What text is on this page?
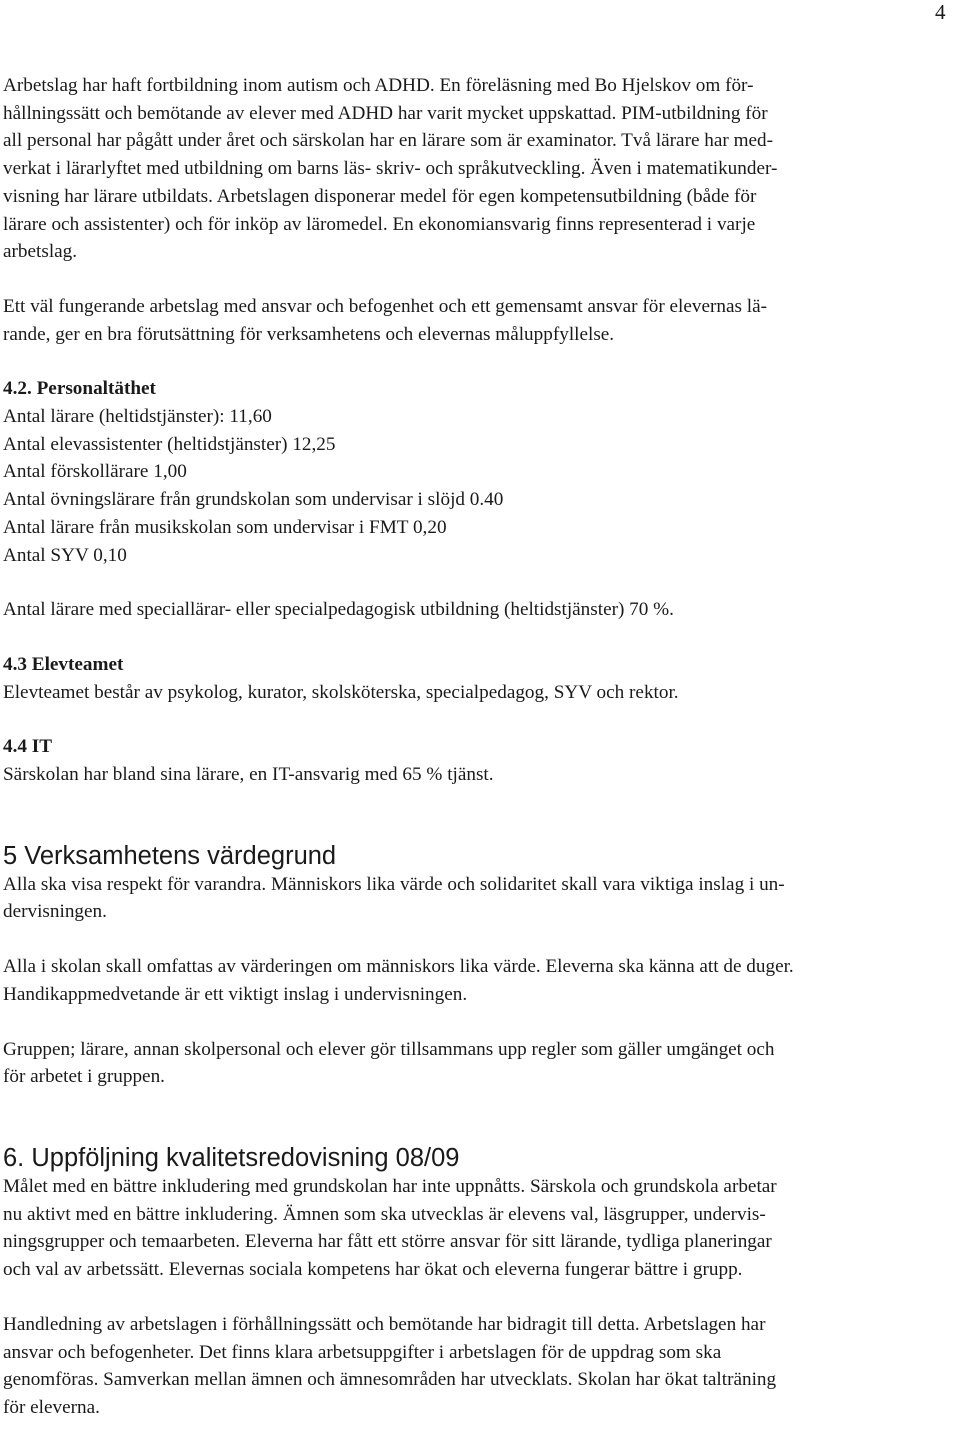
4

Arbetslag har haft fortbildning inom autism och ADHD. En föreläsning med Bo Hjelskov om för-
hållningssätt och bemötande av elever med ADHD har varit mycket uppskattad. PIM-utbildning för
all personal har pågått under året och särskolan har en lärare som är examinator. Två lärare har med-
verkat i lärarlyftet med utbildning om barns läs- skriv- och språkutveckling. Även i matematikunder-
visning har lärare utbildats. Arbetslagen disponerar medel för egen kompetensutbildning (både för
lärare och assistenter) och för inköp av läromedel. En ekonomiansvarig finns representerad i varje
arbetslag.

Ett väl fungerande arbetslag med ansvar och befogenhet och ett gemensamt ansvar för elevernas lä-
rande, ger en bra förutsättning för verksamhetens och elevernas måluppfyllelse.

4.2. Personaltäthet

Antal lärare (heltidstjänster): 11,60

Antal elevassistenter (heltidstjänster) 12,25

Antal förskollärare 1,00

Antal övningslärare från grundskolan som undervisar i slöjd 0.40

Antal lärare från musikskolan som undervisar i FMT 0,20

Antal SYV 0,10

Antal lärare med speciallärar- eller specialpedagogisk utbildning (heltidstjänster) 70 %.

4.3 Elevteamet

Elevteamet består av psykolog, kurator, skolsköterska, specialpedagog, SYV och rektor.

4.4 IT

Särskolan har bland sina lärare, en IT-ansvarig med 65 % tjänst.

5 Verksamhetens värdegrund

Alla ska visa respekt för varandra. Människors lika värde och solidaritet skall vara viktiga inslag i un-
dervisningen.

Alla i skolan skall omfattas av värderingen om människors lika värde. Eleverna ska känna att de duger.
Handikappmedvetande är ett viktigt inslag i undervisningen.

Gruppen; lärare, annan skolpersonal och elever gör tillsammans upp regler som gäller umgänget och
för arbetet i gruppen.

6. Uppföljning kvalitetsredovisning 08/09

Målet med en bättre inkludering med grundskolan har inte uppnåtts. Särskola och grundskola arbetar
nu aktivt med en bättre inkludering. Ämnen som ska utvecklas är elevens val, läsgrupper, undervis-
ningsgrupper och temaarbeten. Eleverna har fått ett större ansvar för sitt lärande, tydliga planeringar
och val av arbetssätt. Elevernas sociala kompetens har ökat och eleverna fungerar bättre i grupp.

Handledning av arbetslagen i förhållningssätt och bemötande har bidragit till detta. Arbetslagen har
ansvar och befogenheter. Det finns klara arbetsuppgifter i arbetslagen för de uppdrag som ska
genomföras. Samverkan mellan ämnen och ämnesområden har utvecklats. Skolan har ökat talträning
för eleverna.
